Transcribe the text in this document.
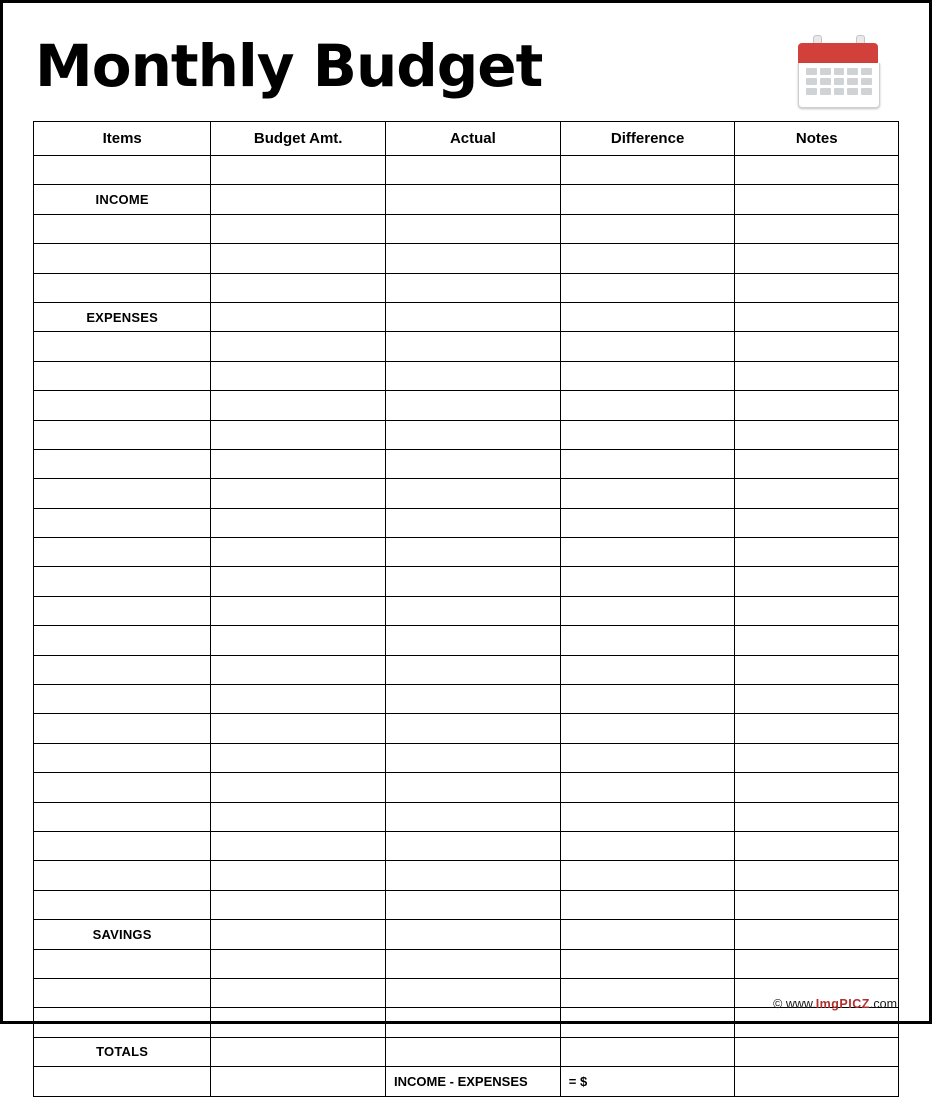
Monthly Budget
Items	Budget Amt.	Actual	Difference	Notes

INCOME				

EXPENSES				

SAVINGS				

TOTALS				
		INCOME - EXPENSES	= $	
© www.ImgPICZ.com
